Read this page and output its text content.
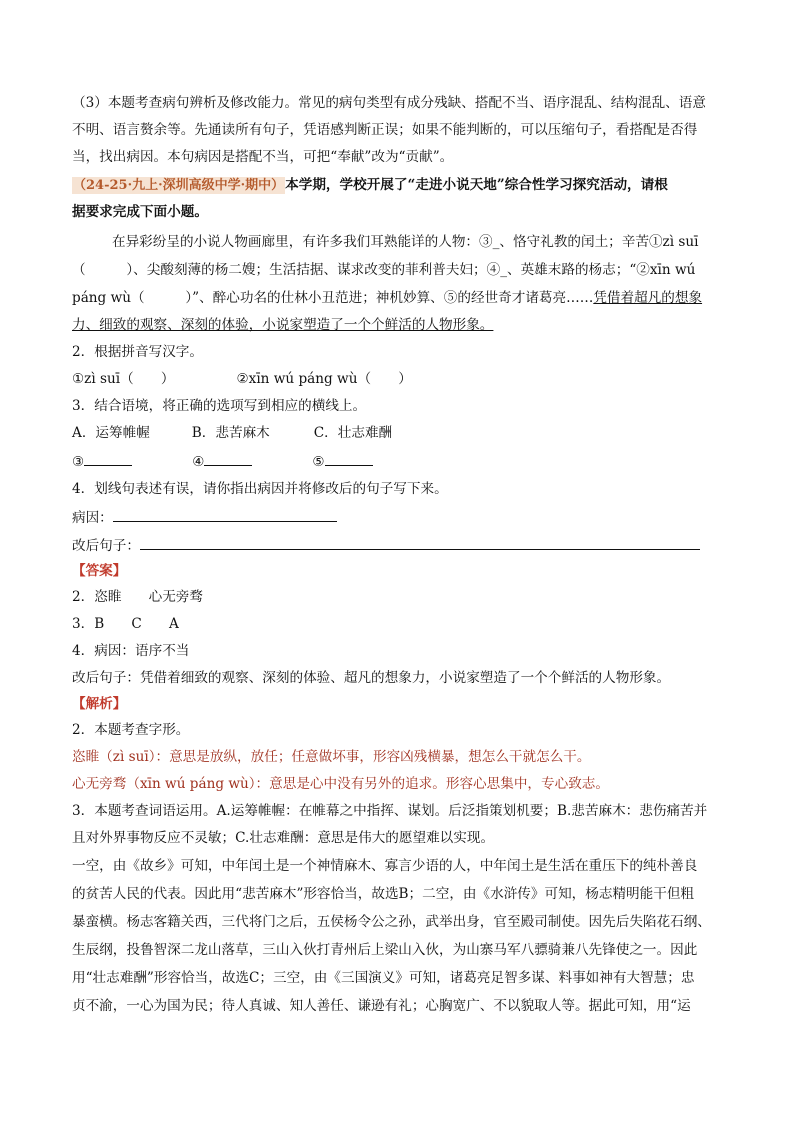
（3）本题考查病句辨析及修改能力。常见的病句类型有成分残缺、搭配不当、语序混乱、结构混乱、语意
不明、语言赘余等。先通读所有句子，凭语感判断正误；如果不能判断的，可以压缩句子，看搭配是否得
当，找出病因。本句病因是搭配不当，可把“奉献”改为“贡献”。
（24-25·九上·深圳高级中学·期中）本学期，学校开展了“走进小说天地”综合性学习探究活动，请根
据要求完成下面小题。
在异彩纷呈的小说人物画廊里，有许多我们耳熟能详的人物：③_、恪守礼教的闰土；辛苦①zì suī
（　　　）、尖酸刻薄的杨二嫂；生活拮据、谋求改变的菲利普夫妇；④_、英雄末路的杨志；“②xīn wú
páng wù（　　　）”、醉心功名的仕林小丑范进；神机妙算、⑤的经世奇才诸葛亮……凭借着超凡的想象
力、细致的观察、深刻的体验，小说家塑造了一个个鲜活的人物形象。
2．根据拼音写汉字。
①zì suī（　　）	②xīn wú páng wù（　　）
3．结合语境，将正确的选项写到相应的横线上。
A．运筹帷幄	B．悲苦麻木	C．壮志难酬
③	④	⑤
4．划线句表述有误，请你指出病因并将修改后的句子写下来。
病因：
改后句子：
【答案】
2．恣睢　　心无旁骛
3．B　　C　　A
4．病因：语序不当
改后句子：凭借着细致的观察、深刻的体验、超凡的想象力，小说家塑造了一个个鲜活的人物形象。
【解析】
2．本题考查字形。
恣睢（zì suī）：意思是放纵，放任；任意做坏事，形容凶残横暴，想怎么干就怎么干。
心无旁骛（xīn wú páng wù）：意思是心中没有另外的追求。形容心思集中，专心致志。
3．本题考查词语运用。A.运筹帷幄：在帷幕之中指挥、谋划。后泛指策划机要；B.悲苦麻木：悲伤痛苦并
且对外界事物反应不灵敏；C.壮志难酬：意思是伟大的愿望难以实现。
一空，由《故乡》可知，中年闰土是一个神情麻木、寡言少语的人，中年闰土是生活在重压下的纯朴善良
的贫苦人民的代表。因此用“悲苦麻木”形容恰当，故选B；二空，由《水浒传》可知，杨志精明能干但粗
暴蛮横。杨志客籍关西，三代将门之后，五侯杨令公之孙，武举出身，官至殿司制使。因先后失陷花石纲、
生辰纲，投鲁智深二龙山落草，三山入伙打青州后上梁山入伙，为山寨马军八骠骑兼八先锋使之一。因此
用“壮志难酬”形容恰当，故选C；三空，由《三国演义》可知，诸葛亮足智多谋、料事如神有大智慧；忠
贞不渝，一心为国为民；待人真诚、知人善任、谦逊有礼；心胸宽广、不以貌取人等。据此可知，用“运
